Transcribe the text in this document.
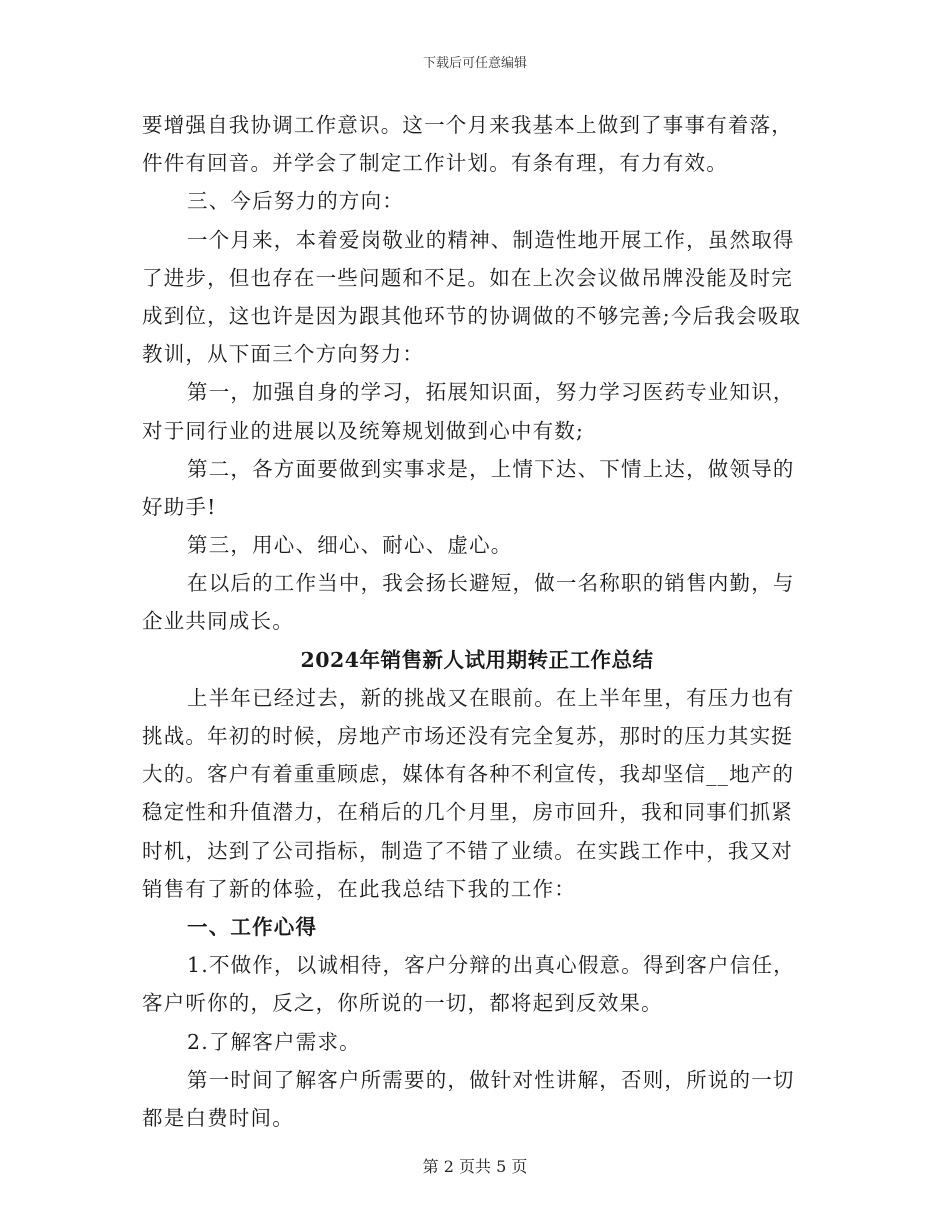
下载后可任意编辑
要增强自我协调工作意识。这一个月来我基本上做到了事事有着落，
件件有回音。并学会了制定工作计划。有条有理，有力有效。
三、今后努力的方向：
一个月来，本着爱岗敬业的精神、制造性地开展工作，虽然取得
了进步，但也存在一些问题和不足。如在上次会议做吊牌没能及时完
成到位，这也许是因为跟其他环节的协调做的不够完善;今后我会吸取
教训，从下面三个方向努力：
第一，加强自身的学习，拓展知识面，努力学习医药专业知识，
对于同行业的进展以及统筹规划做到心中有数;
第二，各方面要做到实事求是，上情下达、下情上达，做领导的
好助手!
第三，用心、细心、耐心、虚心。
在以后的工作当中，我会扬长避短，做一名称职的销售内勤，与
企业共同成长。
2024年销售新人试用期转正工作总结
上半年已经过去，新的挑战又在眼前。在上半年里，有压力也有
挑战。年初的时候，房地产市场还没有完全复苏，那时的压力其实挺
大的。客户有着重重顾虑，媒体有各种不利宣传，我却坚信__地产的
稳定性和升值潜力，在稍后的几个月里，房市回升，我和同事们抓紧
时机，达到了公司指标，制造了不错了业绩。在实践工作中，我又对
销售有了新的体验，在此我总结下我的工作：
一、工作心得
1.不做作，以诚相待，客户分辩的出真心假意。得到客户信任，
客户听你的，反之，你所说的一切，都将起到反效果。
2.了解客户需求。
第一时间了解客户所需要的，做针对性讲解，否则，所说的一切
都是白费时间。
第 2 页共 5 页
